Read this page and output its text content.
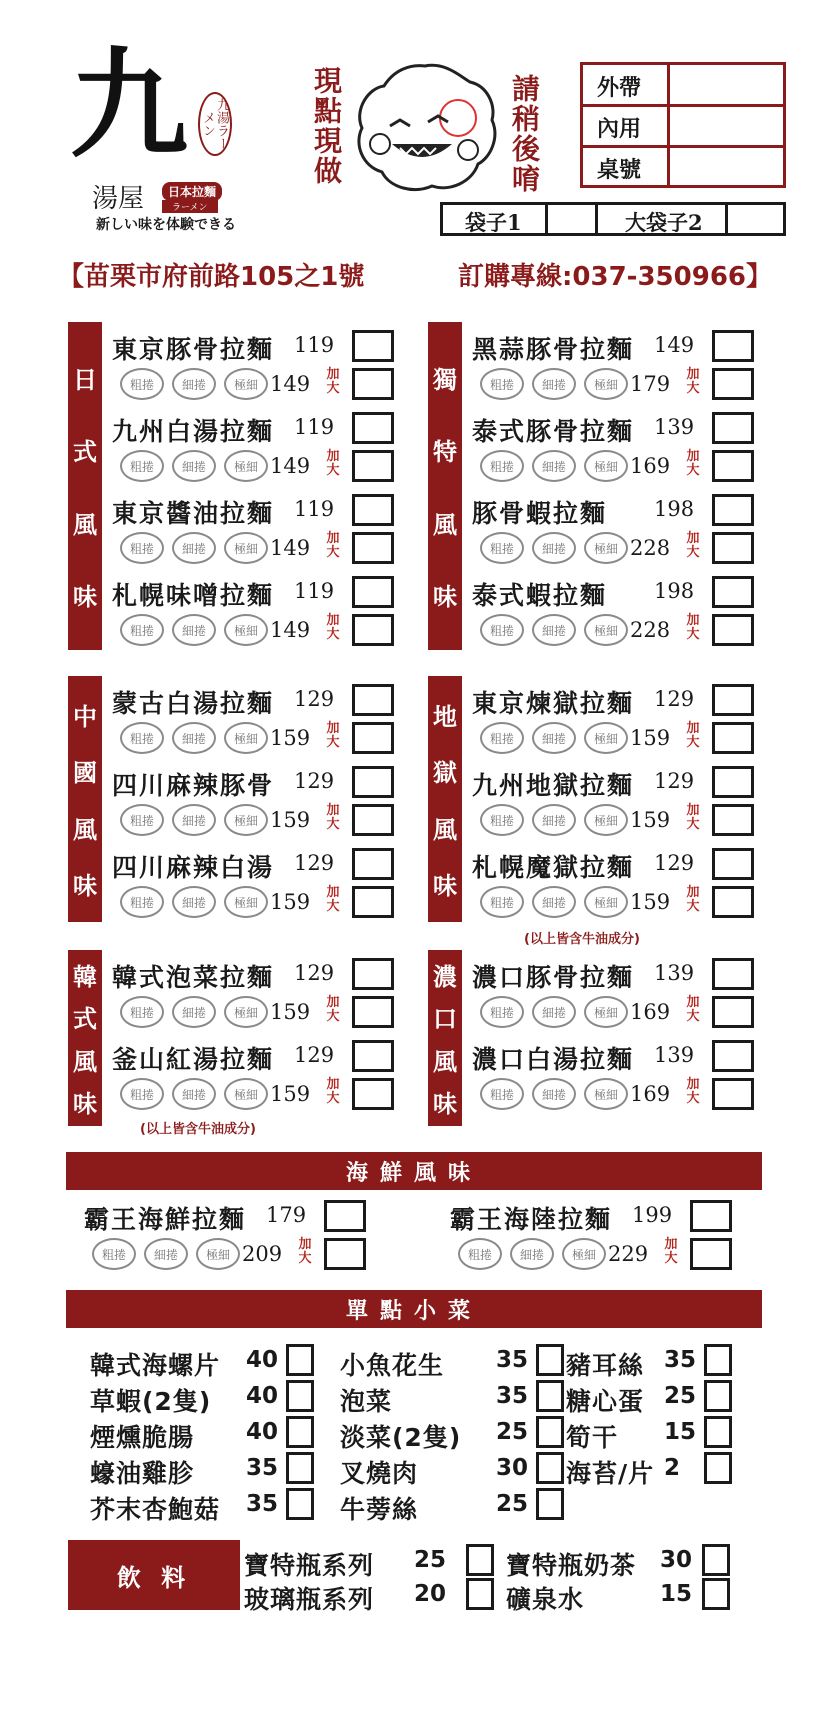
九	九湯ラーメン
湯屋	日本拉麵
ラーメン
新しい味を体験できる
現點現做	請稍後唷	外帶
內用
桌號
袋子1	大袋子2
【苗栗市府前路105之1號	訂購專線:037-350966】
日
式
風
味
東京豚骨拉麵 119
粗捲	細捲	極細 149 加大
九州白湯拉麵 119
粗捲	細捲	極細 149 加大
東京醬油拉麵 119
粗捲	細捲	極細 149 加大
札幌味噌拉麵 119
粗捲	細捲	極細 149 加大
獨
特
風
味
黑蒜豚骨拉麵 149
粗捲	細捲	極細 179 加大
泰式豚骨拉麵 139
粗捲	細捲	極細 169 加大
豚骨蝦拉麵 198
粗捲	細捲	極細 228 加大
泰式蝦拉麵 198
粗捲	細捲	極細 228 加大
中
國
風
味
蒙古白湯拉麵 129
粗捲	細捲	極細 159 加大
四川麻辣豚骨 129
粗捲	細捲	極細 159 加大
四川麻辣白湯 129
粗捲	細捲	極細 159 加大
地
獄
風
味
東京煉獄拉麵 129
粗捲	細捲	極細 159 加大
九州地獄拉麵 129
粗捲	細捲	極細 159 加大
札幌魔獄拉麵 129
粗捲	細捲	極細 159 加大
(以上皆含牛油成分)
韓
式
風
味
韓式泡菜拉麵 129
粗捲	細捲	極細 159 加大
釜山紅湯拉麵 129
粗捲	細捲	極細 159 加大
(以上皆含牛油成分)
濃
口
風
味
濃口豚骨拉麵 139
粗捲	細捲	極細 169 加大
濃口白湯拉麵 139
粗捲	細捲	極細 169 加大
海鮮風味
霸王海鮮拉麵 179
粗捲	細捲	極細 209 加大
霸王海陸拉麵 199
粗捲	細捲	極細 229 加大
單點小菜
韓式海螺片 40
草蝦(2隻) 40
煙燻脆腸 40
蠔油雞胗 35
芥末杏鮑菇 35
小魚花生 35
泡菜	35
淡菜(2隻) 25
叉燒肉	30
牛蒡絲	25
豬耳絲 35
糖心蛋 25
筍干 15
海苔/片 2
飲 料	寶特瓶系列 25
玻璃瓶系列 20
寶特瓶奶茶 30
礦泉水	15
